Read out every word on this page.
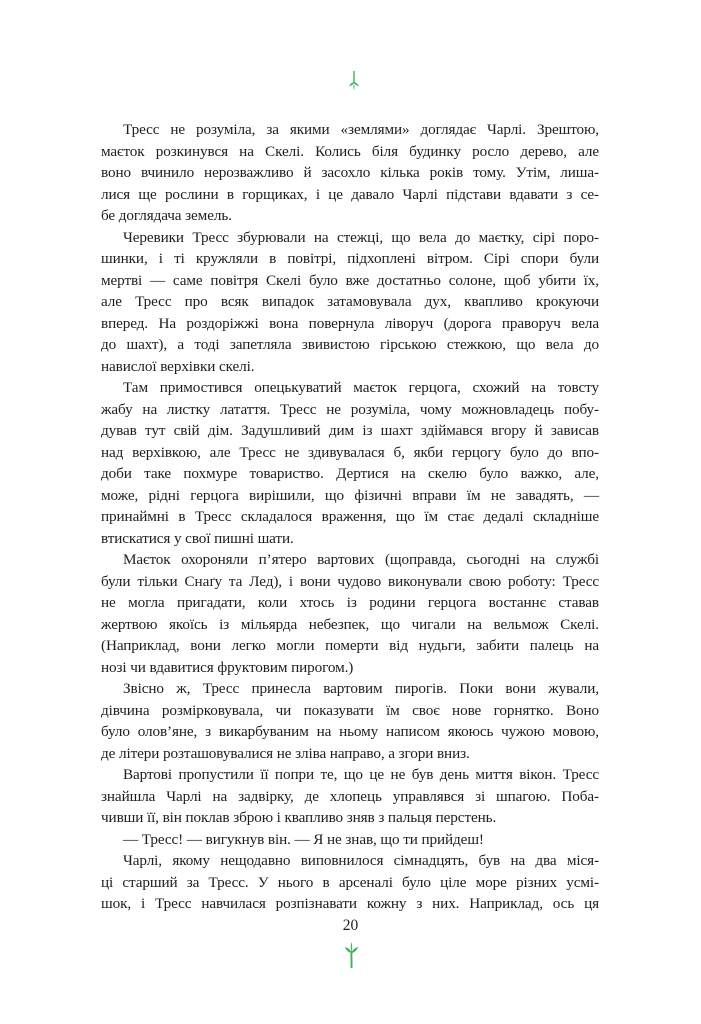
Тресс не розуміла, за якими «землями» доглядає Чарлі. Зрештою,
маєток розкинувся на Скелі. Колись біля будинку росло дерево, але
воно вчинило нерозважливо й засохло кілька років тому. Утім, лиша-
лися ще рослини в горщиках, і це давало Чарлі підстави вдавати з се-
бе доглядача земель.
Черевики Тресс збурювали на стежці, що вела до маєтку, сірі поро-
шинки, і ті кружляли в повітрі, підхоплені вітром. Сірі спори були
мертві — саме повітря Скелі було вже достатньо солоне, щоб убити їх,
але Тресс про всяк випадок затамовувала дух, квапливо крокуючи
вперед. На роздоріжжі вона повернула ліворуч (дорога праворуч вела
до шахт), а тоді запетляла звивистою гірською стежкою, що вела до
навислої верхівки скелі.
Там примостився опецькуватий маєток герцога, схожий на товсту
жабу на листку латаття. Тресс не розуміла, чому можновладець побу-
дував тут свій дім. Задушливий дим із шахт здіймався вгору й зависав
над верхівкою, але Тресс не здивувалася б, якби герцогу було до впо-
доби таке похмуре товариство. Дертися на скелю було важко, але,
може, рідні герцога вирішили, що фізичні вправи їм не завадять, —
принаймні в Тресс складалося враження, що їм стає дедалі складніше
втискатися у свої пишні шати.
Маєток охороняли п’ятеро вартових (щоправда, сьогодні на службі
були тільки Снаґу та Лед), і вони чудово виконували свою роботу: Тресс
не могла пригадати, коли хтось із родини герцога востаннє ставав
жертвою якоїсь із мільярда небезпек, що чигали на вельмож Скелі.
(Наприклад, вони легко могли померти від нудьги, забити палець на
нозі чи вдавитися фруктовим пирогом.)
Звісно ж, Тресс принесла вартовим пирогів. Поки вони жували,
дівчина розмірковувала, чи показувати їм своє нове горнятко. Воно
було олов’яне, з викарбуваним на ньому написом якоюсь чужою мовою,
де літери розташовувалися не зліва направо, а згори вниз.
Вартові пропустили її попри те, що це не був день миття вікон. Тресс
знайшла Чарлі на задвірку, де хлопець управлявся зі шпагою. Поба-
чивши її, він поклав зброю і квапливо зняв з пальця перстень.
— Тресс! — вигукнув він. — Я не знав, що ти прийдеш!
Чарлі, якому нещодавно виповнилося сімнадцять, був на два міся-
ці старший за Тресс. У нього в арсеналі було ціле море різних усмі-
шок, і Тресс навчилася розпізнавати кожну з них. Наприклад, ось ця
20
